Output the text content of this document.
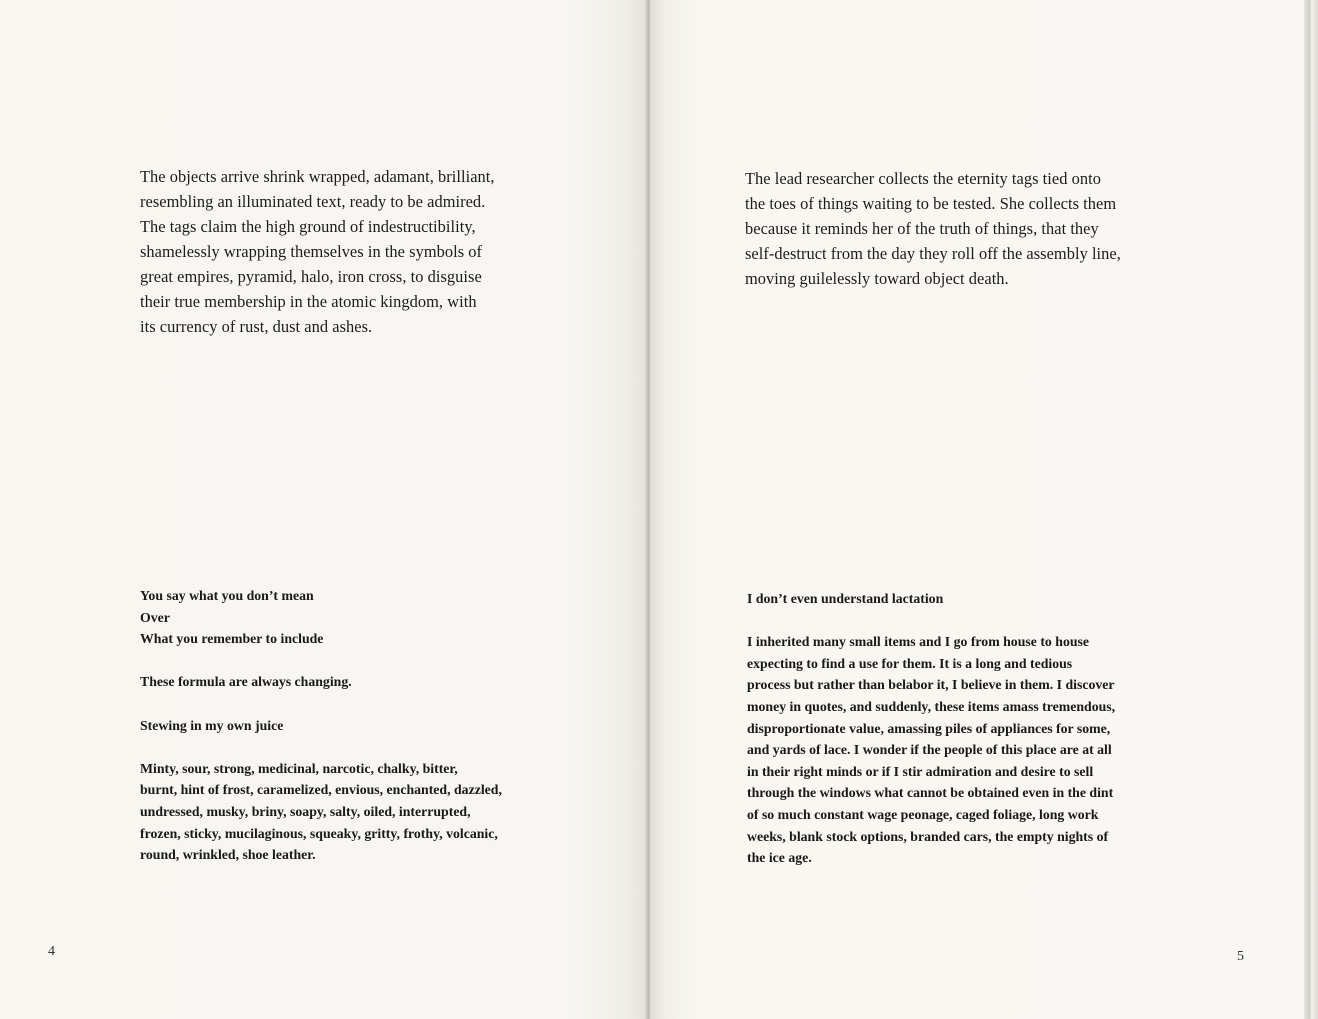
The objects arrive shrink wrapped, adamant, brilliant,
resembling an illuminated text, ready to be admired.
The tags claim the high ground of indestructibility,
shamelessly wrapping themselves in the symbols of
great empires, pyramid, halo, iron cross, to disguise
their true membership in the atomic kingdom, with
its currency of rust, dust and ashes.
You say what you don’t mean
Over
What you remember to include
These formula are always changing.
Stewing in my own juice
Minty, sour, strong, medicinal, narcotic, chalky, bitter,
burnt, hint of frost, caramelized, envious, enchanted, dazzled,
undressed, musky, briny, soapy, salty, oiled, interrupted,
frozen, sticky, mucilaginous, squeaky, gritty, frothy, volcanic,
round, wrinkled, shoe leather.
4
The lead researcher collects the eternity tags tied onto
the toes of things waiting to be tested. She collects them
because it reminds her of the truth of things, that they
self-destruct from the day they roll off the assembly line,
moving guilelessly toward object death.
I don’t even understand lactation
I inherited many small items and I go from house to house
expecting to find a use for them. It is a long and tedious
process but rather than belabor it, I believe in them. I discover
money in quotes, and suddenly, these items amass tremendous,
disproportionate value, amassing piles of appliances for some,
and yards of lace. I wonder if the people of this place are at all
in their right minds or if I stir admiration and desire to sell
through the windows what cannot be obtained even in the dint
of so much constant wage peonage, caged foliage, long work
weeks, blank stock options, branded cars, the empty nights of
the ice age.
5
